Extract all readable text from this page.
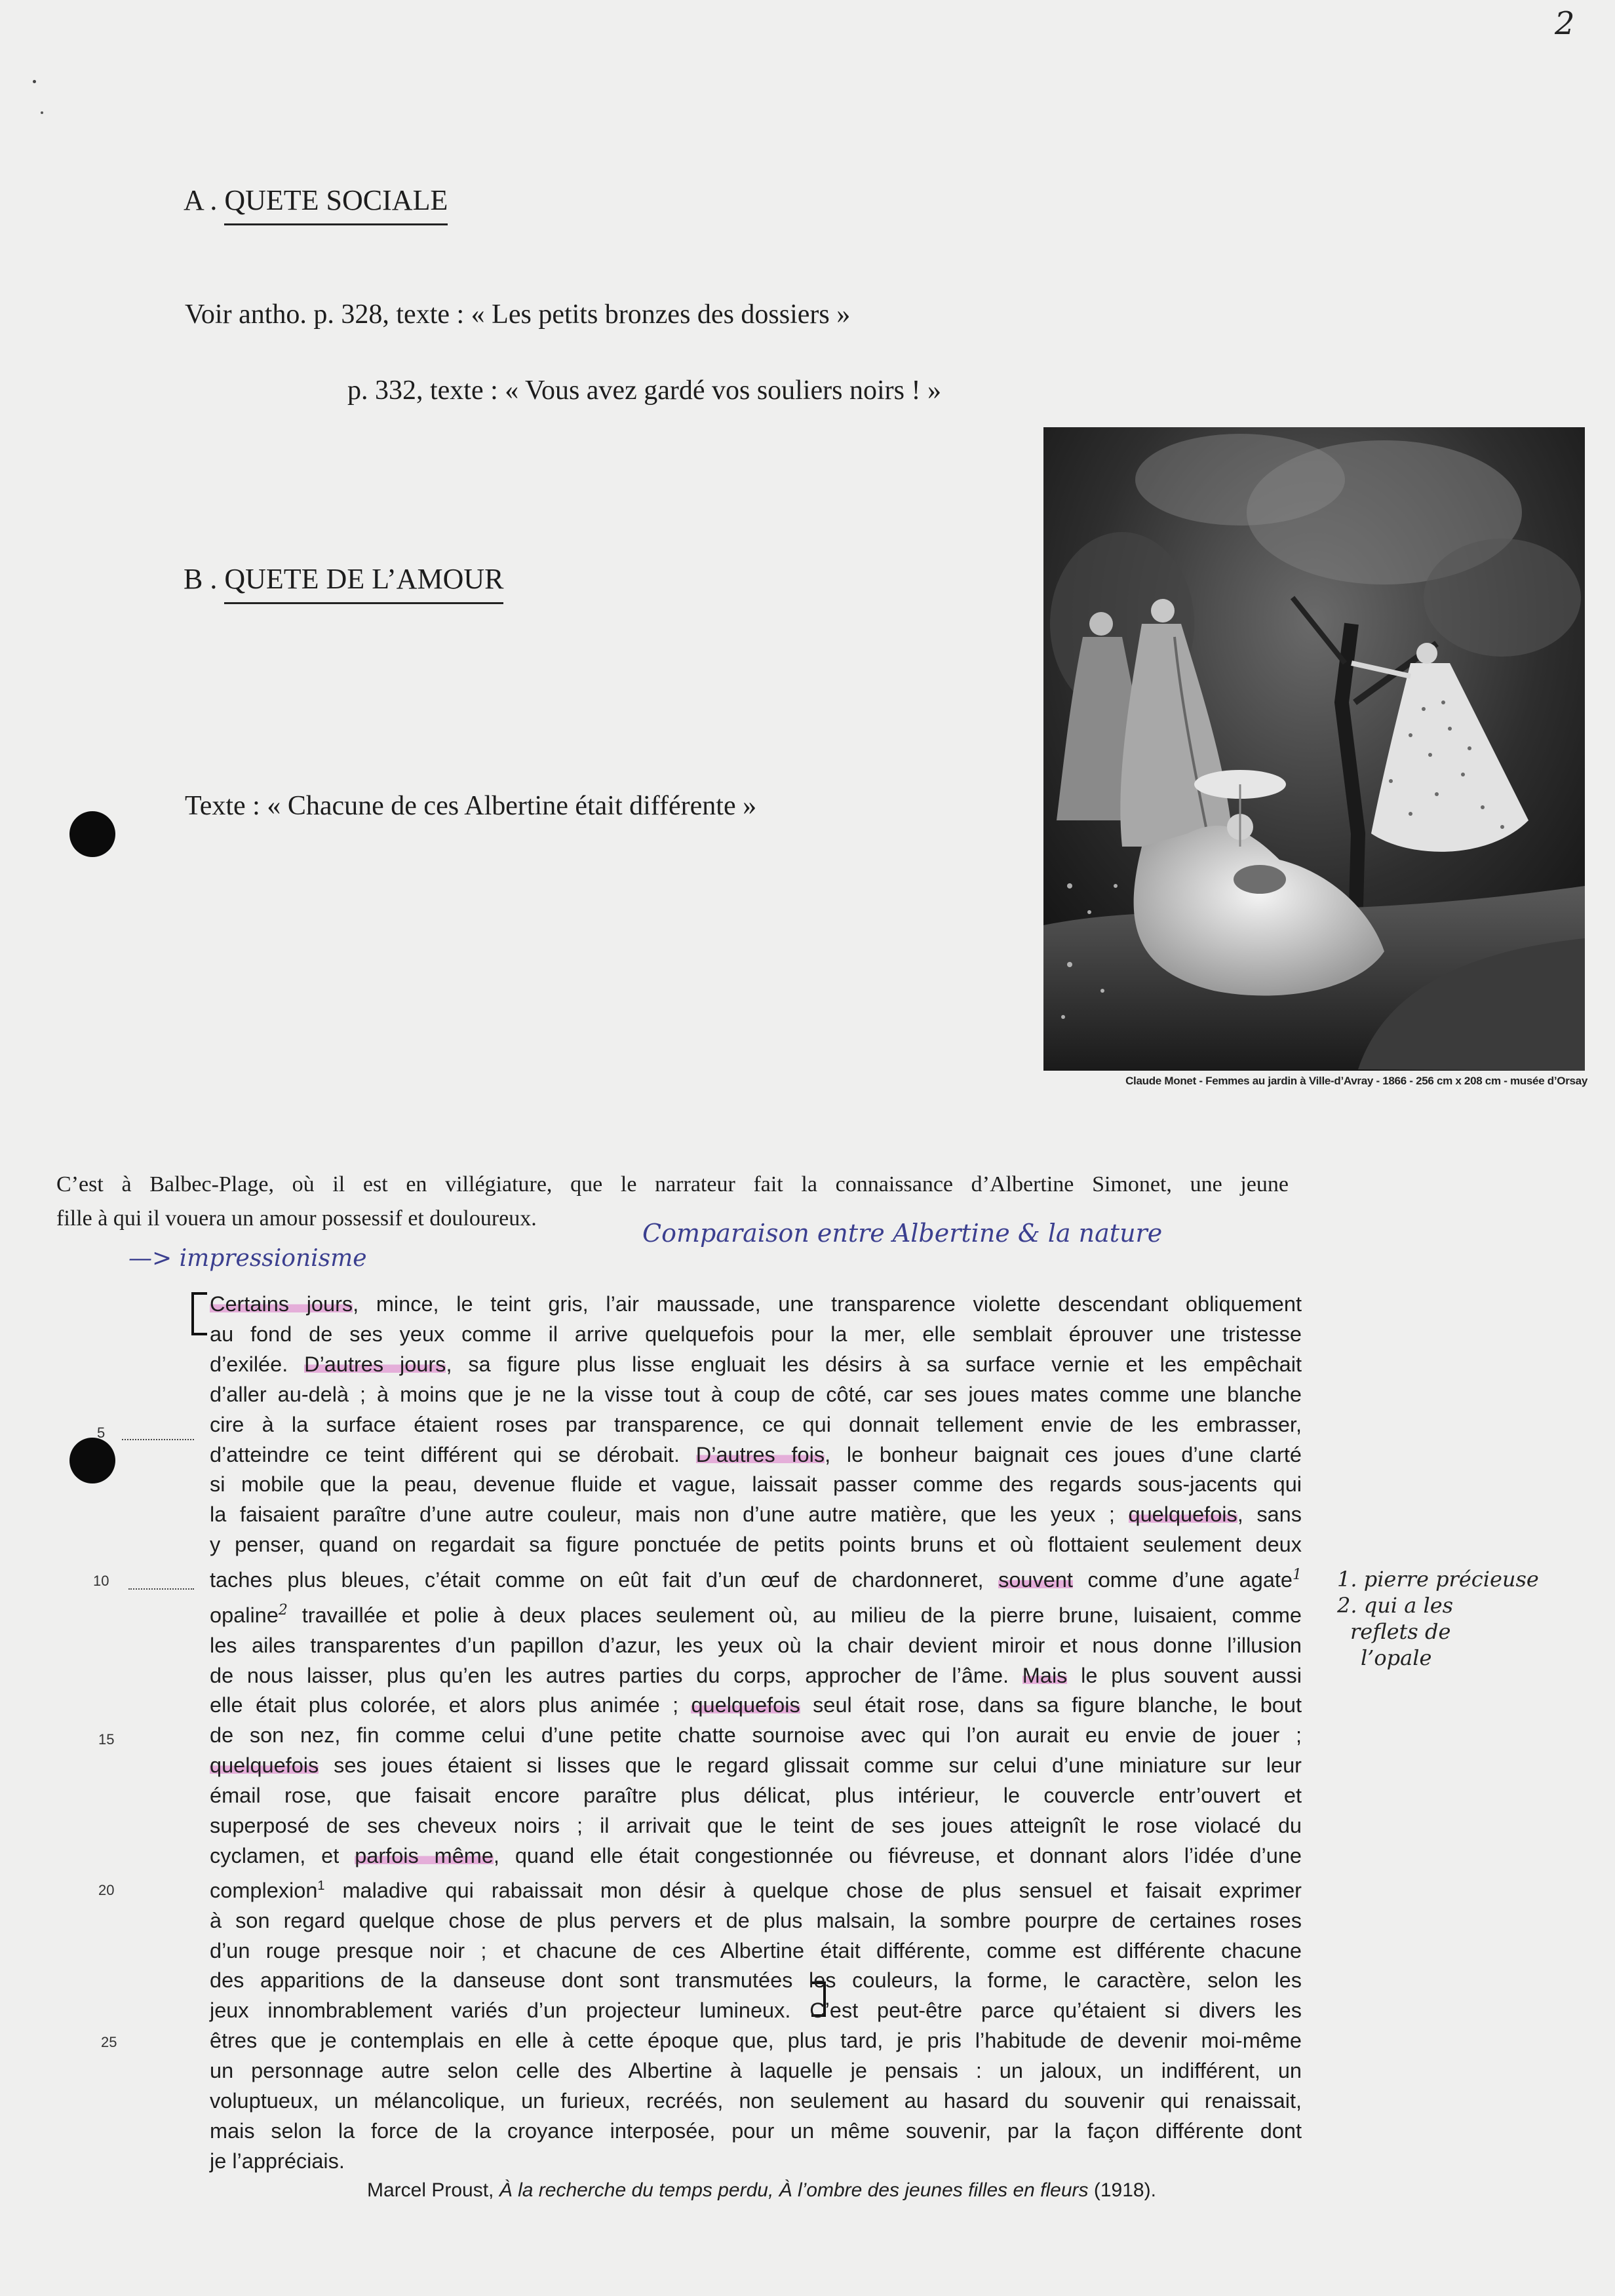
2
A . QUETE SOCIALE
Voir antho. p. 328, texte : « Les petits bronzes des dossiers »
p. 332, texte : « Vous avez gardé vos souliers noirs ! »
B . QUETE DE L’AMOUR
Texte : « Chacune de ces Albertine était différente »
Claude Monet - Femmes au jardin à Ville-d’Avray - 1866 - 256 cm x 208 cm - musée d’Orsay
C’est à Balbec-Plage, où il est en villégiature, que le narrateur fait la connaissance d’Albertine Simonet, une jeune
fille à qui il vouera un amour possessif et douloureux.
Comparaison entre Albertine & la nature
—> impressionisme
1. pierre précieuse
2. qui a les
reflets de
l’opale
5
10
15
20
25
Certains jours, mince, le teint gris, l’air maussade, une transparence violette descendant obliquement
au fond de ses yeux comme il arrive quelquefois pour la mer, elle semblait éprouver une tristesse
d’exilée. D’autres jours, sa figure plus lisse engluait les désirs à sa surface vernie et les empêchait
d’aller au-delà ; à moins que je ne la visse tout à coup de côté, car ses joues mates comme une blanche
cire à la surface étaient roses par transparence, ce qui donnait tellement envie de les embrasser,
d’atteindre ce teint différent qui se dérobait. D’autres fois, le bonheur baignait ces joues d’une clarté
si mobile que la peau, devenue fluide et vague, laissait passer comme des regards sous-jacents qui
la faisaient paraître d’une autre couleur, mais non d’une autre matière, que les yeux ; quelquefois, sans
y penser, quand on regardait sa figure ponctuée de petits points bruns et où flottaient seulement deux
taches plus bleues, c’était comme on eût fait d’un œuf de chardonneret, souvent comme d’une agate$^1$
opaline$^2$ travaillée et polie à deux places seulement où, au milieu de la pierre brune, luisaient, comme
les ailes transparentes d’un papillon d’azur, les yeux où la chair devient miroir et nous donne l’illusion
de nous laisser, plus qu’en les autres parties du corps, approcher de l’âme. Mais le plus souvent aussi
elle était plus colorée, et alors plus animée ; quelquefois seul était rose, dans sa figure blanche, le bout
de son nez, fin comme celui d’une petite chatte sournoise avec qui l’on aurait eu envie de jouer ;
quelquefois ses joues étaient si lisses que le regard glissait comme sur celui d’une miniature sur leur
émail rose, que faisait encore paraître plus délicat, plus intérieur, le couvercle entr’ouvert et
superposé de ses cheveux noirs ; il arrivait que le teint de ses joues atteignît le rose violacé du
cyclamen, et parfois même, quand elle était congestionnée ou fiévreuse, et donnant alors l’idée d’une
complexion$^1$ maladive qui rabaissait mon désir à quelque chose de plus sensuel et faisait exprimer
à son regard quelque chose de plus pervers et de plus malsain, la sombre pourpre de certaines roses
d’un rouge presque noir ; et chacune de ces Albertine était différente, comme est différente chacune
des apparitions de la danseuse dont sont transmutées les couleurs, la forme, le caractère, selon les
jeux innombrablement variés d’un projecteur lumineux. C’est peut-être parce qu’étaient si divers les
êtres que je contemplais en elle à cette époque que, plus tard, je pris l’habitude de devenir moi-même
un personnage autre selon celle des Albertine à laquelle je pensais : un jaloux, un indifférent, un
voluptueux, un mélancolique, un furieux, recréés, non seulement au hasard du souvenir qui renaissait,
mais selon la force de la croyance interposée, pour un même souvenir, par la façon différente dont
je l’appréciais.
Marcel Proust, À la recherche du temps perdu, À l’ombre des jeunes filles en fleurs (1918).
